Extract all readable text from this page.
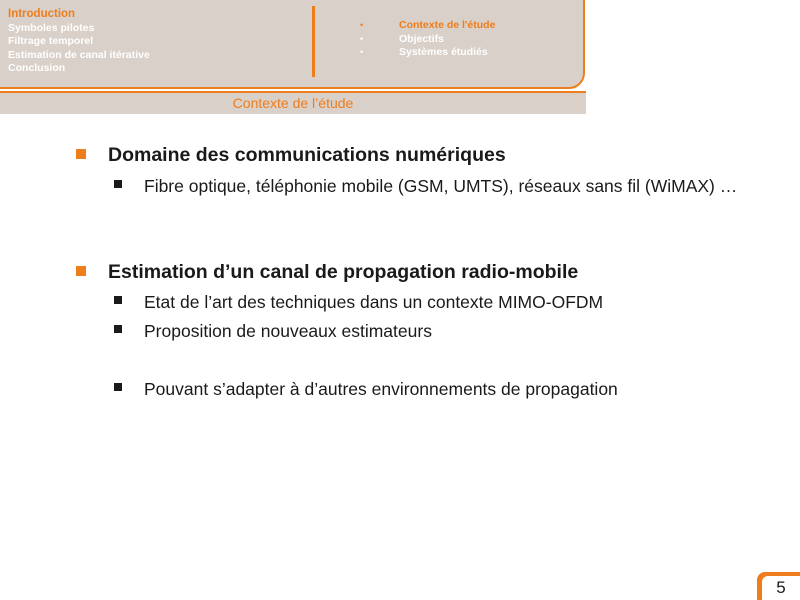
Introduction
Symboles pilotes
Filtrage temporel
Estimation de canal itérative
Conclusion
•	Contexte de l'étude
•	Objectifs
•	Systèmes étudiés
Contexte de l’étude
Domaine des communications numériques
Fibre optique, téléphonie mobile (GSM, UMTS), réseaux sans fil (WiMAX) …
Estimation d’un canal de propagation radio-mobile
Etat de l’art des techniques dans un contexte MIMO-OFDM
Proposition de nouveaux estimateurs
Pouvant s’adapter à d’autres environnements de propagation
5
